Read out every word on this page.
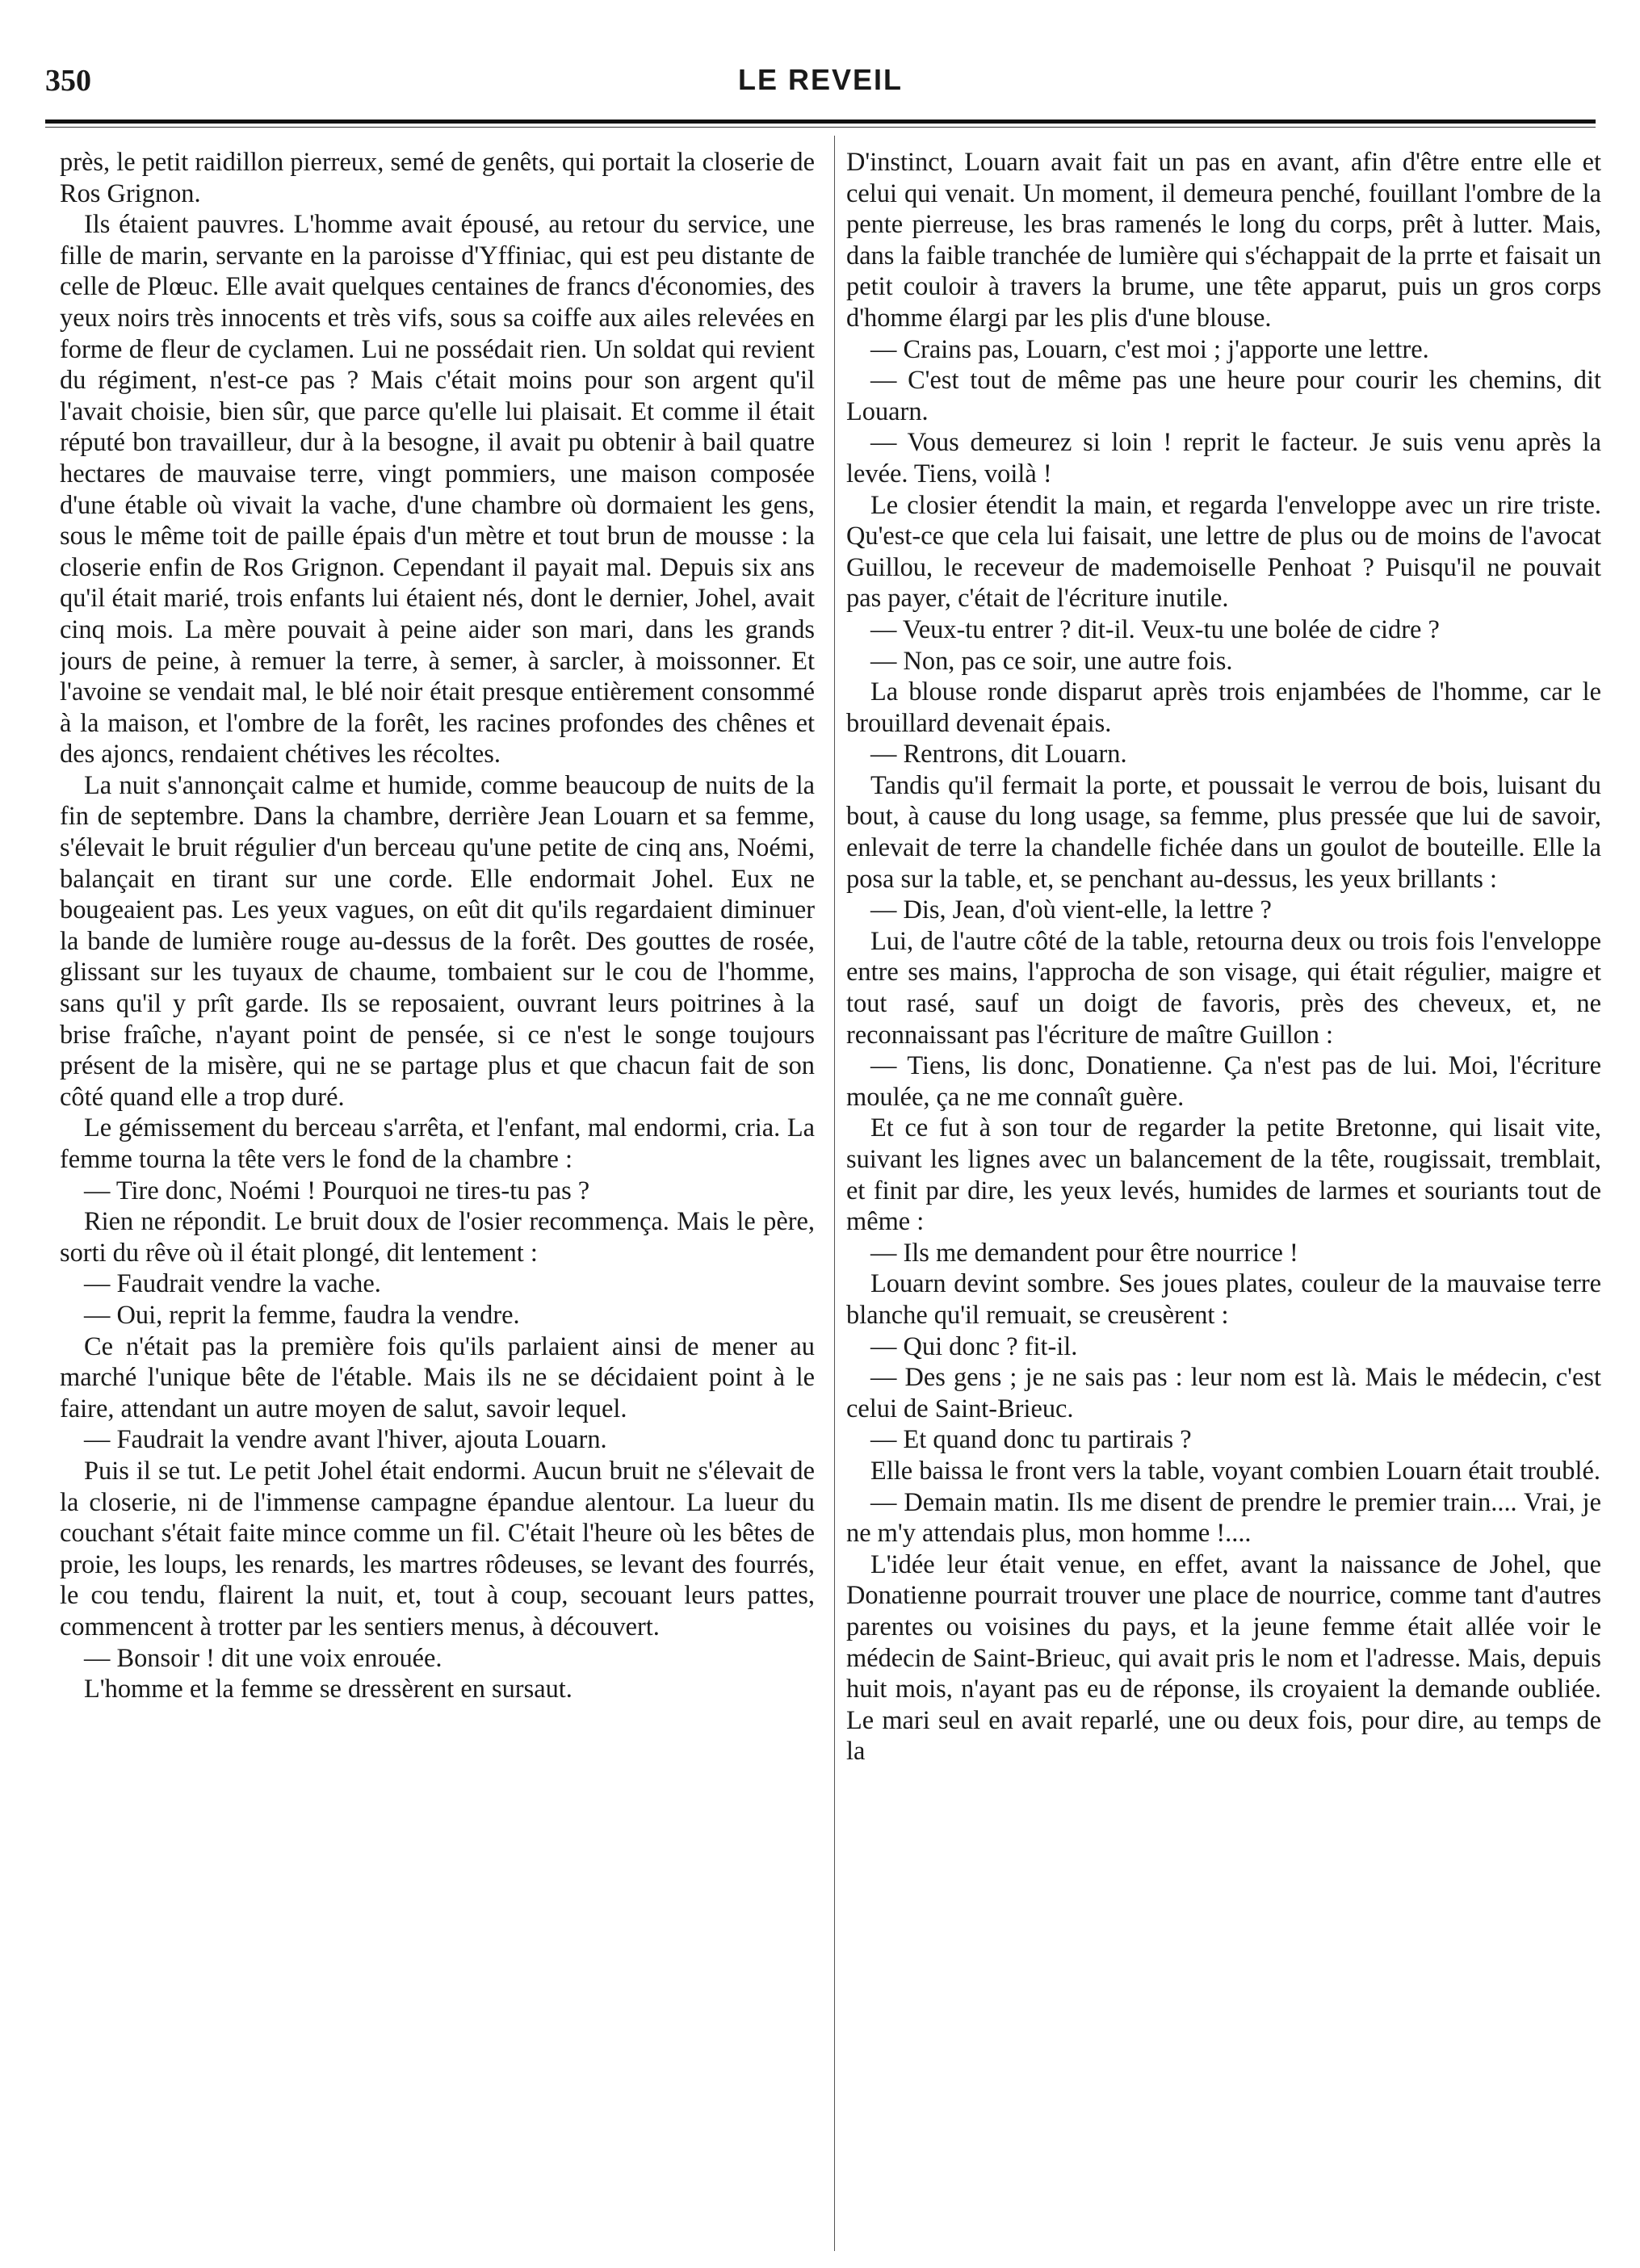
350	LE REVEIL

près, le petit raidillon pierreux, semé de genêts, qui portait la closerie de Ros Grignon.

Ils étaient pauvres. L'homme avait épousé, au retour du service, une fille de marin, servante en la paroisse d'Yffiniac, qui est peu distante de celle de Plœuc. Elle avait quelques centaines de francs d'économies, des yeux noirs très innocents et très vifs, sous sa coiffe aux ailes relevées en forme de fleur de cyclamen. Lui ne possédait rien. Un soldat qui revient du régiment, n'est-ce pas ? Mais c'était moins pour son argent qu'il l'avait choisie, bien sûr, que parce qu'elle lui plaisait. Et comme il était réputé bon travailleur, dur à la besogne, il avait pu obtenir à bail quatre hectares de mauvaise terre, vingt pommiers, une maison composée d'une étable où vivait la vache, d'une chambre où dormaient les gens, sous le même toit de paille épais d'un mètre et tout brun de mousse : la closerie enfin de Ros Grignon. Cependant il payait mal. Depuis six ans qu'il était marié, trois enfants lui étaient nés, dont le dernier, Johel, avait cinq mois. La mère pouvait à peine aider son mari, dans les grands jours de peine, à remuer la terre, à semer, à sarcler, à moissonner. Et l'avoine se vendait mal, le blé noir était presque entièrement consommé à la maison, et l'ombre de la forêt, les racines profondes des chênes et des ajoncs, rendaient chétives les récoltes.

La nuit s'annonçait calme et humide, comme beaucoup de nuits de la fin de septembre. Dans la chambre, derrière Jean Louarn et sa femme, s'élevait le bruit régulier d'un berceau qu'une petite de cinq ans, Noémi, balançait en tirant sur une corde. Elle endormait Johel. Eux ne bougeaient pas. Les yeux vagues, on eût dit qu'ils regardaient diminuer la bande de lumière rouge au-dessus de la forêt. Des gouttes de rosée, glissant sur les tuyaux de chaume, tombaient sur le cou de l'homme, sans qu'il y prît garde. Ils se reposaient, ouvrant leurs poitrines à la brise fraîche, n'ayant point de pensée, si ce n'est le songe toujours présent de la misère, qui ne se partage plus et que chacun fait de son côté quand elle a trop duré.

Le gémissement du berceau s'arrêta, et l'enfant, mal endormi, cria. La femme tourna la tête vers le fond de la chambre :

— Tire donc, Noémi ! Pourquoi ne tires-tu pas ?

Rien ne répondit. Le bruit doux de l'osier recommença. Mais le père, sorti du rêve où il était plongé, dit lentement :

— Faudrait vendre la vache.

— Oui, reprit la femme, faudra la vendre.

Ce n'était pas la première fois qu'ils parlaient ainsi de mener au marché l'unique bête de l'étable. Mais ils ne se décidaient point à le faire, attendant un autre moyen de salut, savoir lequel.

— Faudrait la vendre avant l'hiver, ajouta Louarn.

Puis il se tut. Le petit Johel était endormi. Aucun bruit ne s'élevait de la closerie, ni de l'immense campagne épandue alentour. La lueur du couchant s'était faite mince comme un fil. C'était l'heure où les bêtes de proie, les loups, les renards, les martres rôdeuses, se levant des fourrés, le cou tendu, flairent la nuit, et, tout à coup, secouant leurs pattes, commencent à trotter par les sentiers menus, à découvert.

— Bonsoir ! dit une voix enrouée.

L'homme et la femme se dressèrent en sursaut.

D'instinct, Louarn avait fait un pas en avant, afin d'être entre elle et celui qui venait. Un moment, il demeura penché, fouillant l'ombre de la pente pierreuse, les bras ramenés le long du corps, prêt à lutter. Mais, dans la faible tranchée de lumière qui s'échappait de la prrte et faisait un petit couloir à travers la brume, une tête apparut, puis un gros corps d'homme élargi par les plis d'une blouse.

— Crains pas, Louarn, c'est moi ; j'apporte une lettre.

— C'est tout de même pas une heure pour courir les chemins, dit Louarn.

— Vous demeurez si loin ! reprit le facteur. Je suis venu après la levée. Tiens, voilà !

Le closier étendit la main, et regarda l'enveloppe avec un rire triste. Qu'est-ce que cela lui faisait, une lettre de plus ou de moins de l'avocat Guillou, le receveur de mademoiselle Penhoat ? Puisqu'il ne pouvait pas payer, c'était de l'écriture inutile.

— Veux-tu entrer ? dit-il. Veux-tu une bolée de cidre ?

— Non, pas ce soir, une autre fois.

La blouse ronde disparut après trois enjambées de l'homme, car le brouillard devenait épais.

— Rentrons, dit Louarn.

Tandis qu'il fermait la porte, et poussait le verrou de bois, luisant du bout, à cause du long usage, sa femme, plus pressée que lui de savoir, enlevait de terre la chandelle fichée dans un goulot de bouteille. Elle la posa sur la table, et, se penchant au-dessus, les yeux brillants :

— Dis, Jean, d'où vient-elle, la lettre ?

Lui, de l'autre côté de la table, retourna deux ou trois fois l'enveloppe entre ses mains, l'approcha de son visage, qui était régulier, maigre et tout rasé, sauf un doigt de favoris, près des cheveux, et, ne reconnaissant pas l'écriture de maître Guillon :

— Tiens, lis donc, Donatienne. Ça n'est pas de lui. Moi, l'écriture moulée, ça ne me connaît guère.

Et ce fut à son tour de regarder la petite Bretonne, qui lisait vite, suivant les lignes avec un balancement de la tête, rougissait, tremblait, et finit par dire, les yeux levés, humides de larmes et souriants tout de même :

— Ils me demandent pour être nourrice !

Louarn devint sombre. Ses joues plates, couleur de la mauvaise terre blanche qu'il remuait, se creusèrent :

— Qui donc ? fit-il.

— Des gens ; je ne sais pas : leur nom est là. Mais le médecin, c'est celui de Saint-Brieuc.

— Et quand donc tu partirais ?

Elle baissa le front vers la table, voyant combien Louarn était troublé.

— Demain matin. Ils me disent de prendre le premier train.... Vrai, je ne m'y attendais plus, mon homme !....

L'idée leur était venue, en effet, avant la naissance de Johel, que Donatienne pourrait trouver une place de nourrice, comme tant d'autres parentes ou voisines du pays, et la jeune femme était allée voir le médecin de Saint-Brieuc, qui avait pris le nom et l'adresse. Mais, depuis huit mois, n'ayant pas eu de réponse, ils croyaient la demande oubliée. Le mari seul en avait reparlé, une ou deux fois, pour dire, au temps de la
